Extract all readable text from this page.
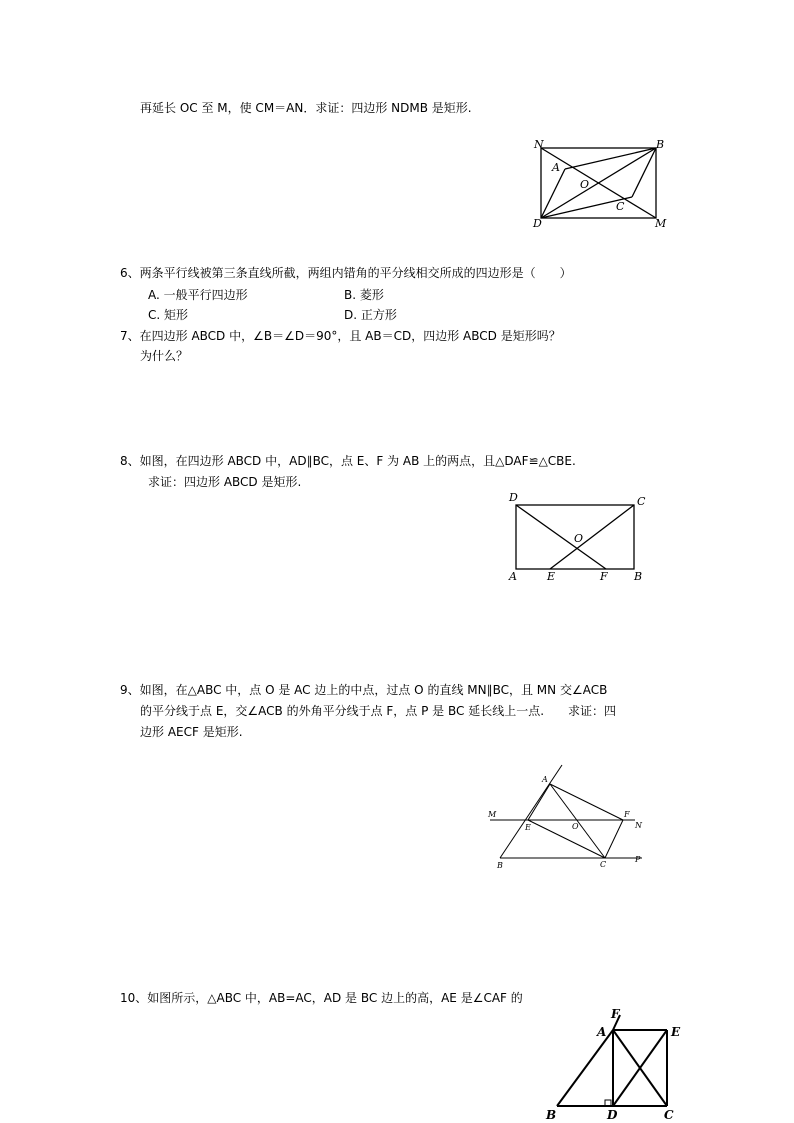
再延长 OC 至 M，使 CM＝AN．求证：四边形 NDMB 是矩形.
N	B
A
O
C
D	M
6、两条平行线被第三条直线所截，两组内错角的平分线相交所成的四边形是（　　）
A. 一般平行四边形	B. 菱形
C. 矩形	D. 正方形
7、在四边形 ABCD 中，∠B＝∠D＝90°，且 AB＝CD，四边形 ABCD 是矩形吗？
为什么？
8、如图，在四边形 ABCD 中，AD∥BC，点 E、F 为 AB 上的两点，且△DAF≌△CBE.
求证：四边形 ABCD 是矩形.
D	C
O
A	E	F B
9、如图，在△ABC 中，点 O 是 AC 边上的中点，过点 O 的直线 MN∥BC，且 MN 交∠ACB
的平分线于点 E，交∠ACB 的外角平分线于点 F，点 P 是 BC 延长线上一点.　　求证：四
边形 AECF 是矩形.
A
M
E	O
F
N
B	C
P
10、如图所示，△ABC 中，AB=AC，AD 是 BC 边上的高，AE 是∠CAF 的
F
A	E
B	D	C
